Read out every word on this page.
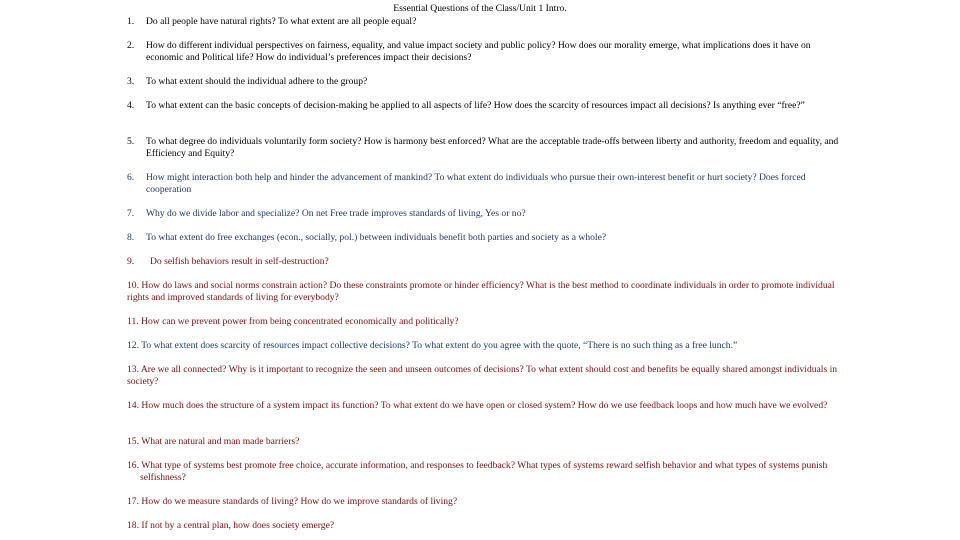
Essential Questions of the Class/Unit 1 Intro.
1. Do all people have natural rights? To what extent are all people equal?
2. How do different individual perspectives on fairness, equality, and value impact society and public policy? How does our morality emerge, what implications does it have on economic and Political life? How do individual’s preferences impact their decisions?
3. To what extent should the individual adhere to the group?
4. To what extent can the basic concepts of decision-making be applied to all aspects of life? How does the scarcity of resources impact all decisions? Is anything ever “free?”
5. To what degree do individuals voluntarily form society? How is harmony best enforced? What are the acceptable trade-offs between liberty and authority, freedom and equality, and Efficiency and Equity?
6. How might interaction both help and hinder the advancement of mankind? To what extent do individuals who pursue their own-interest benefit or hurt society? Does forced cooperation
7. Why do we divide labor and specialize? On net Free trade improves standards of living, Yes or no?
8. To what extent do free exchanges (econ., socially, pol.) between individuals benefit both parties and society as a whole?
9. Do selfish behaviors result in self-destruction?
10. How do laws and social norms constrain action? Do these constraints promote or hinder efficiency? What is the best method to coordinate individuals in order to promote individual rights and improved standards of living for everybody?
11. How can we prevent power from being concentrated economically and politically?
12. To what extent does scarcity of resources impact collective decisions? To what extent do you agree with the quote, “There is no such thing as a free lunch.”
13. Are we all connected? Why is it important to recognize the seen and unseen outcomes of decisions? To what extent should cost and benefits be equally shared amongst individuals in society?
14. How much does the structure of a system impact its function? To what extent do we have open or closed system? How do we use feedback loops and how much have we evolved?
15. What are natural and man made barriers?
16. What type of systems best promote free choice, accurate information, and responses to feedback? What types of systems reward selfish behavior and what types of systems punish selfishness?
17. How do we measure standards of living? How do we improve standards of living?
18. If not by a central plan, how does society emerge?
